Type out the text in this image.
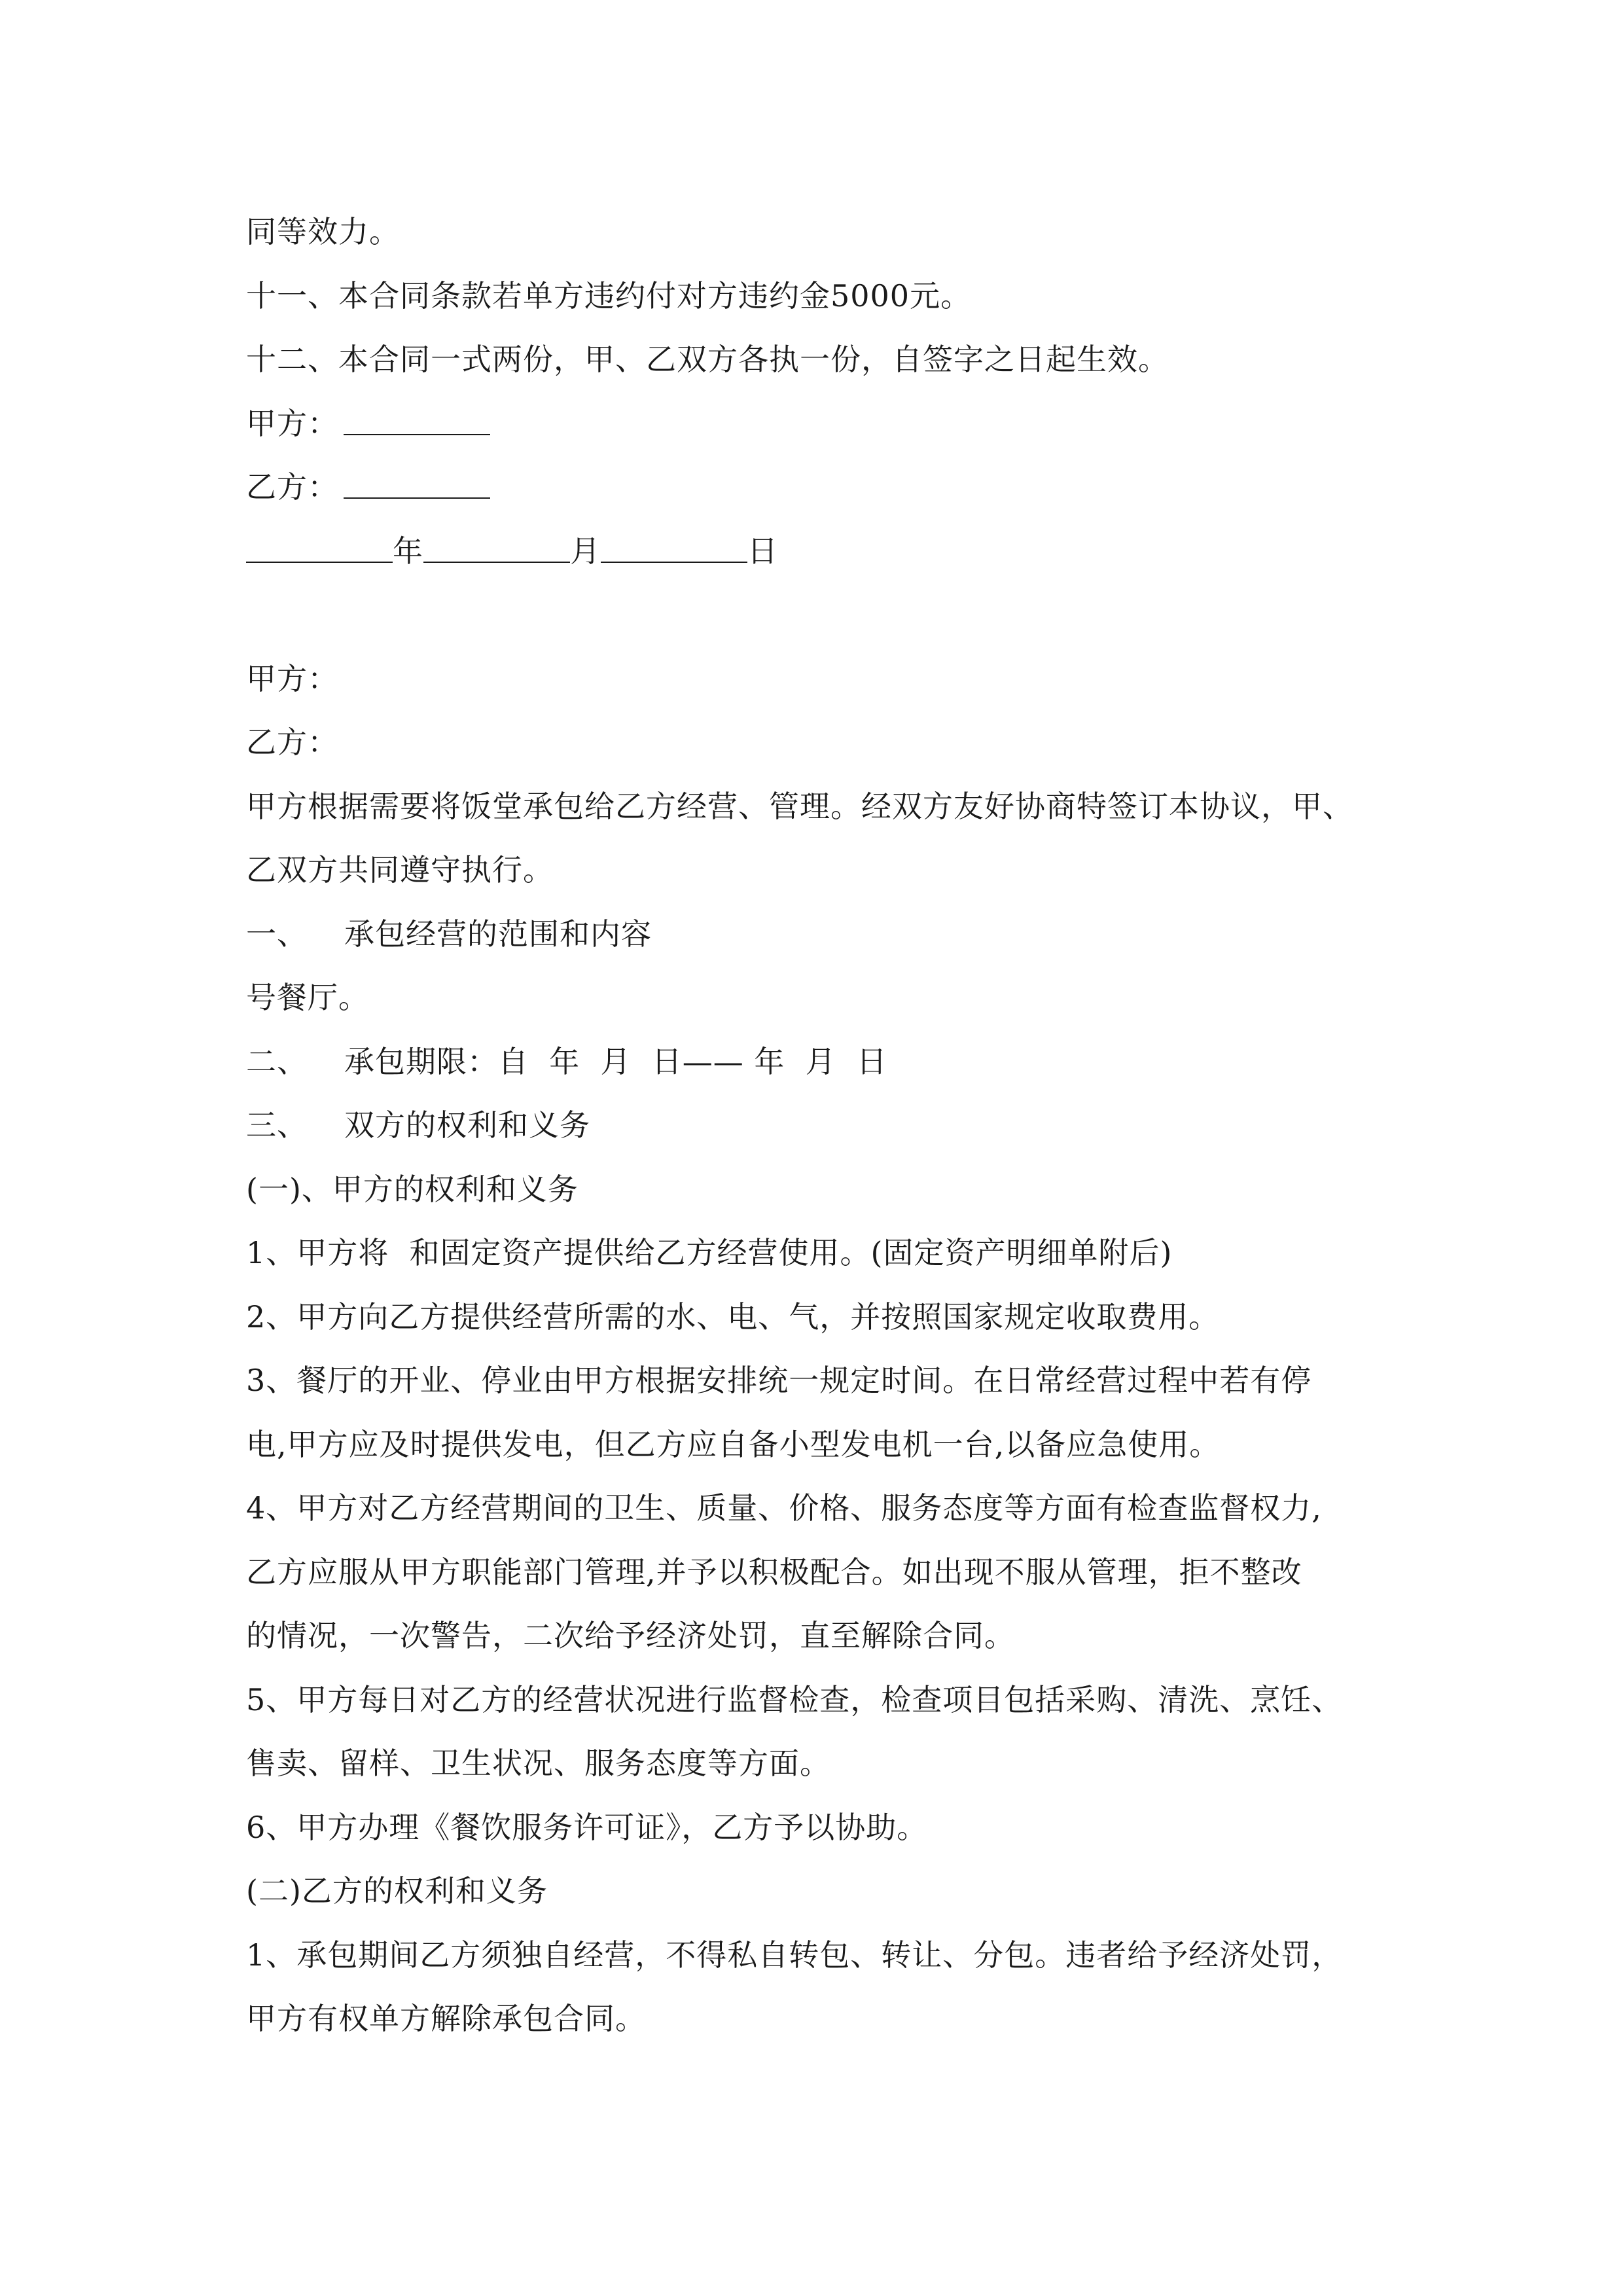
同等效力。
十一、本合同条款若单方违约付对方违约金5000元。
十二、本合同一式两份，甲、乙双方各执一份，自签字之日起生效。
甲方：
乙方：
年	月	日
甲方：
乙方：
甲方根据需要将饭堂承包给乙方经营、管理。经双方友好协商特签订本协议，甲、
乙双方共同遵守执行。
一、 承包经营的范围和内容
号餐厅。
二、 承包期限：自  年  月  日—— 年  月  日
三、 双方的权利和义务
(一)、甲方的权利和义务
1、甲方将  和固定资产提供给乙方经营使用。(固定资产明细单附后)
2、甲方向乙方提供经营所需的水、电、气，并按照国家规定收取费用。
3、餐厅的开业、停业由甲方根据安排统一规定时间。在日常经营过程中若有停
电,甲方应及时提供发电，但乙方应自备小型发电机一台,以备应急使用。
4、甲方对乙方经营期间的卫生、质量、价格、服务态度等方面有检查监督权力,
乙方应服从甲方职能部门管理,并予以积极配合。如出现不服从管理，拒不整改
的情况，一次警告，二次给予经济处罚，直至解除合同。
5、甲方每日对乙方的经营状况进行监督检查，检查项目包括采购、清洗、烹饪、
售卖、留样、卫生状况、服务态度等方面。
6、甲方办理《餐饮服务许可证》，乙方予以协助。
(二)乙方的权利和义务
1、承包期间乙方须独自经营，不得私自转包、转让、分包。违者给予经济处罚，
甲方有权单方解除承包合同。
